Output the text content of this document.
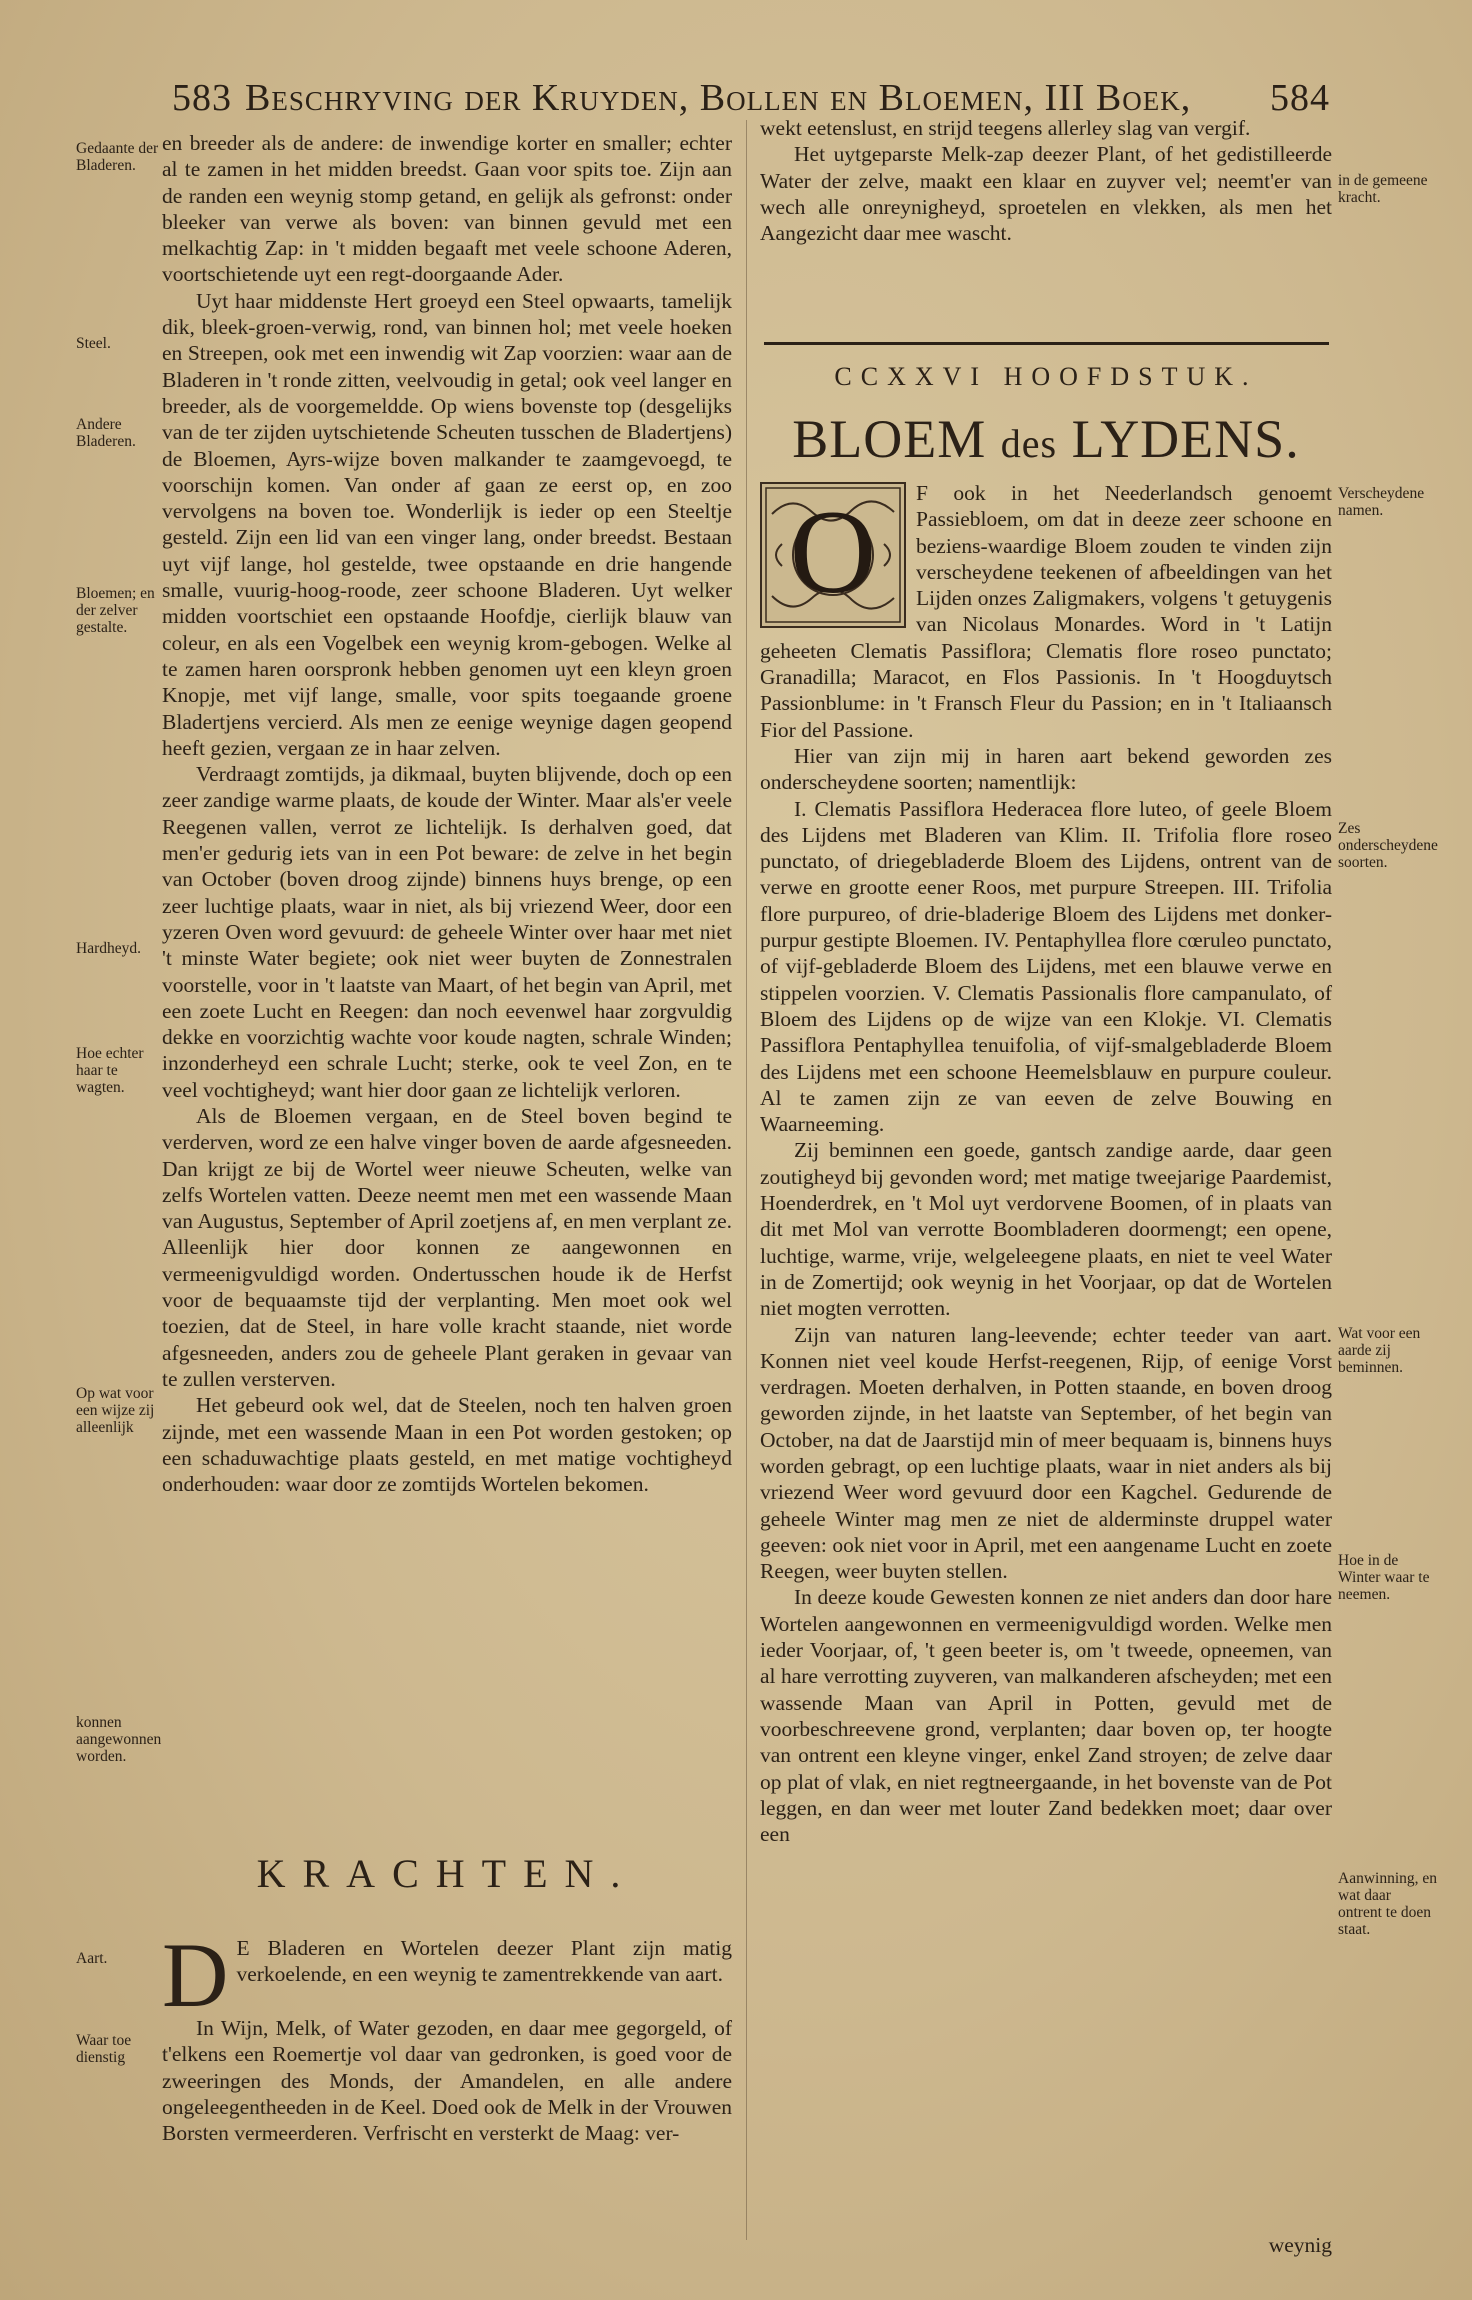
583 Beschryving der Kruyden, Bollen en Bloemen, III Boek,	584

en breeder als de andere: de inwendige korter en smaller; echter al te zamen in het midden breedst. Gaan voor spits toe. Zijn aan de randen een weynig stomp getand, en gelijk als gefronst: onder bleeker van verwe als boven: van binnen gevuld met een melkachtig Zap: in 't midden begaaft met veele schoone Aderen, voortschietende uyt een regt-doorgaande Ader.

Uyt haar middenste Hert groeyd een Steel opwaarts, tamelijk dik, bleek-groen-verwig, rond, van binnen hol; met veele hoeken en Streepen, ook met een inwendig wit Zap voorzien: waar aan de Bladeren in 't ronde zitten, veelvoudig in getal; ook veel langer en breeder, als de voorgemeldde. Op wiens bovenste top (desgelijks van de ter zijden uytschietende Scheuten tusschen de Bladertjens) de Bloemen, Ayrs-wijze boven malkander te zaamgevoegd, te voorschijn komen. Van onder af gaan ze eerst op, en zoo vervolgens na boven toe. Wonderlijk is ieder op een Steeltje gesteld. Zijn een lid van een vinger lang, onder breedst. Bestaan uyt vijf lange, hol gestelde, twee opstaande en drie hangende smalle, vuurig-hoog-roode, zeer schoone Bladeren. Uyt welker midden voortschiet een opstaande Hoofdje, cierlijk blauw van coleur, en als een Vogelbek een weynig krom-gebogen. Welke al te zamen haren oorspronk hebben genomen uyt een kleyn groen Knopje, met vijf lange, smalle, voor spits toegaande groene Bladertjens vercierd. Als men ze eenige weynige dagen geopend heeft gezien, vergaan ze in haar zelven.

Verdraagt zomtijds, ja dikmaal, buyten blijvende, doch op een zeer zandige warme plaats, de koude der Winter. Maar als'er veele Reegenen vallen, verrot ze lichtelijk. Is derhalven goed, dat men'er gedurig iets van in een Pot beware: de zelve in het begin van October (boven droog zijnde) binnens huys brenge, op een zeer luchtige plaats, waar in niet, als bij vriezend Weer, door een yzeren Oven word gevuurd: de geheele Winter over haar met niet 't minste Water begiete; ook niet weer buyten de Zonnestralen voorstelle, voor in 't laatste van Maart, of het begin van April, met een zoete Lucht en Reegen: dan noch eevenwel haar zorgvuldig dekke en voorzichtig wachte voor koude nagten, schrale Winden; inzonderheyd een schrale Lucht; sterke, ook te veel Zon, en te veel vochtigheyd; want hier door gaan ze lichtelijk verloren.

Als de Bloemen vergaan, en de Steel boven begind te verderven, word ze een halve vinger boven de aarde afgesneeden. Dan krijgt ze bij de Wortel weer nieuwe Scheuten, welke van zelfs Wortelen vatten. Deeze neemt men met een wassende Maan van Augustus, September of April zoetjens af, en men verplant ze. Alleenlijk hier door konnen ze aangewonnen en vermeenigvuldigd worden. Ondertusschen houde ik de Herfst voor de bequaamste tijd der verplanting. Men moet ook wel toezien, dat de Steel, in hare volle kracht staande, niet worde afgesneeden, anders zou de geheele Plant geraken in gevaar van te zullen versterven.

Het gebeurd ook wel, dat de Steelen, noch ten halven groen zijnde, met een wassende Maan in een Pot worden gestoken; op een schaduwachtige plaats gesteld, en met matige vochtigheyd onderhouden: waar door ze zomtijds Wortelen bekomen.

KRACHTEN.

D E Bladeren en Wortelen deezer Plant zijn matig verkoelende, en een weynig te zamentrekkende van aart.

In Wijn, Melk, of Water gezoden, en daar mee gegorgeld, of t'elkens een Roemertje vol daar van gedronken, is goed voor de zweeringen des Monds, der Amandelen, en alle andere ongeleegentheeden in de Keel. Doed ook de Melk in der Vrouwen Borsten vermeerderen. Verfrischt en versterkt de Maag: ver-

Gedaante der Bladeren.
Steel.
Andere Bladeren.
Bloemen; en der zelver gestalte.
Hardheyd.
Hoe echter haar te wagten.
Op wat voor een wijze zij alleenlijk
konnen aangewonnen worden.
Aart.
Waar toe dienstig

wekt eetenslust, en strijd teegens allerley slag van vergif.

Het uytgeparste Melk-zap deezer Plant, of het gedistilleerde Water der zelve, maakt een klaar en zuyver vel; neemt'er van wech alle onreynigheyd, sproetelen en vlekken, als men het Aangezicht daar mee wascht.

CCXXVI HOOFDSTUK.
BLOEM des LYDENS.

O	F ook in het Neederlandsch genoemt Passiebloem, om dat in deeze zeer schoone en beziens-waardige Bloem zouden te vinden zijn verscheydene teekenen of afbeeldingen van het Lijden onzes Zaligmakers, volgens 't getuygenis van Nicolaus Monardes. Word in 't Latijn geheeten Clematis Passiflora; Clematis flore roseo punctato; Granadilla; Maracot, en Flos Passionis. In 't Hoogduytsch Passionblume: in 't Fransch Fleur du Passion; en in 't Italiaansch Fior del Passione.

Hier van zijn mij in haren aart bekend geworden zes onderscheydene soorten; namentlijk:

I. Clematis Passiflora Hederacea flore luteo, of geele Bloem des Lijdens met Bladeren van Klim. II. Trifolia flore roseo punctato, of driegebladerde Bloem des Lijdens, ontrent van de verwe en grootte eener Roos, met purpure Streepen. III. Trifolia flore purpureo, of drie-bladerige Bloem des Lijdens met donker-purpur gestipte Bloemen. IV. Pentaphyllea flore cœruleo punctato, of vijf-gebladerde Bloem des Lijdens, met een blauwe verwe en stippelen voorzien. V. Clematis Passionalis flore campanulato, of Bloem des Lijdens op de wijze van een Klokje. VI. Clematis Passiflora Pentaphyllea tenuifolia, of vijf-smalgebladerde Bloem des Lijdens met een schoone Heemelsblauw en purpure couleur. Al te zamen zijn ze van eeven de zelve Bouwing en Waarneeming.

Zij beminnen een goede, gantsch zandige aarde, daar geen zoutigheyd bij gevonden word; met matige tweejarige Paardemist, Hoenderdrek, en 't Mol uyt verdorvene Boomen, of in plaats van dit met Mol van verrotte Boombladeren doormengt; een opene, luchtige, warme, vrije, welgeleegene plaats, en niet te veel Water in de Zomertijd; ook weynig in het Voorjaar, op dat de Wortelen niet mogten verrotten.

Zijn van naturen lang-leevende; echter teeder van aart. Konnen niet veel koude Herfst-reegenen, Rijp, of eenige Vorst verdragen. Moeten derhalven, in Potten staande, en boven droog geworden zijnde, in het laatste van September, of het begin van October, na dat de Jaarstijd min of meer bequaam is, binnens huys worden gebragt, op een luchtige plaats, waar in niet anders als bij vriezend Weer word gevuurd door een Kagchel. Gedurende de geheele Winter mag men ze niet de alderminste druppel water geeven: ook niet voor in April, met een aangename Lucht en zoete Reegen, weer buyten stellen.

In deeze koude Gewesten konnen ze niet anders dan door hare Wortelen aangewonnen en vermeenigvuldigd worden. Welke men ieder Voorjaar, of, 't geen beeter is, om 't tweede, opneemen, van al hare verrotting zuyveren, van malkanderen afscheyden; met een wassende Maan van April in Potten, gevuld met de voorbeschreevene grond, verplanten; daar boven op, ter hoogte van ontrent een kleyne vinger, enkel Zand stroyen; de zelve daar op plat of vlak, en niet regtneergaande, in het bovenste van de Pot leggen, en dan weer met louter Zand bedekken moet; daar over een

weynig
in de gemeene kracht.
Verscheydene namen.
Zes onderscheydene soorten.
Wat voor een aarde zij beminnen.
Hoe in de Winter waar te neemen.
Aanwinning, en wat daar ontrent te doen staat.
